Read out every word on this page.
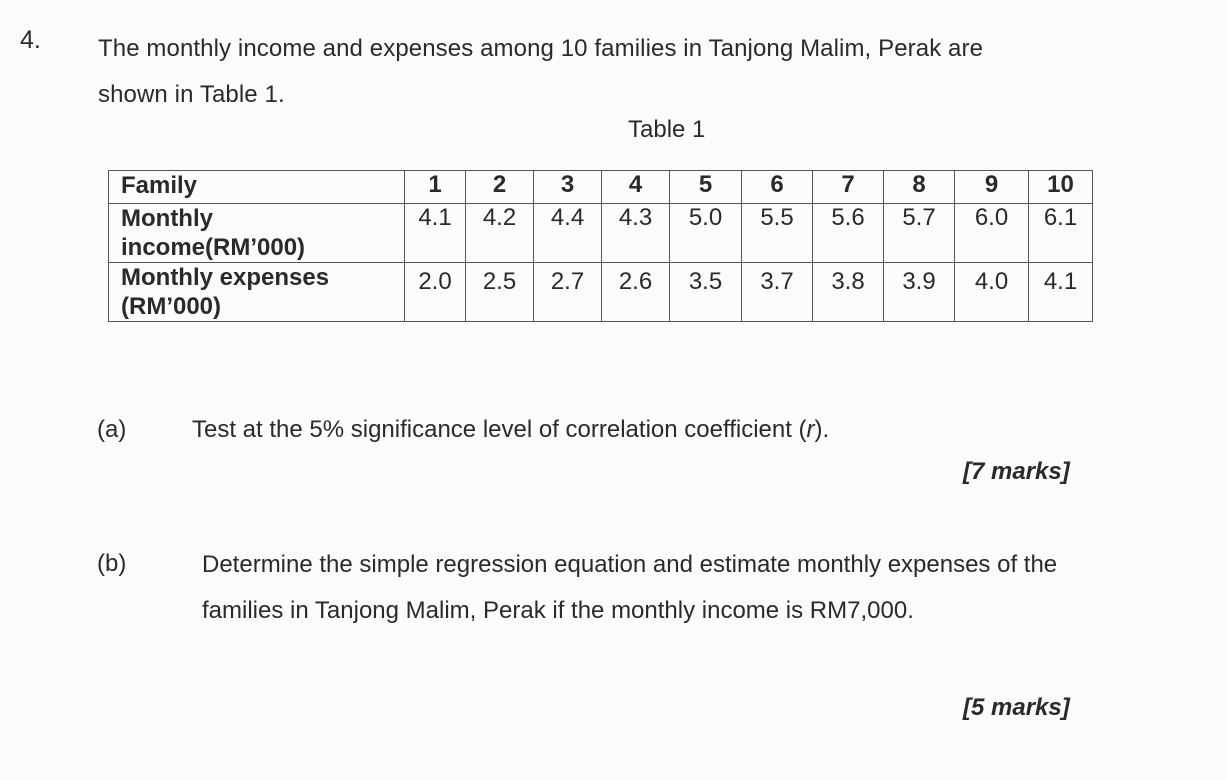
4. The monthly income and expenses among 10 families in Tanjong Malim, Perak are
shown in Table 1.
Table 1
Family	1	2	3	4	5	6	7	8	9	10

Monthly
income(RM’000)	4.1	4.2	4.4	4.3	5.0	5.5	5.6	5.7	6.0	6.1

Monthly expenses
(RM’000)	2.0	2.5	2.7	2.6	3.5	3.7	3.8	3.9	4.0	4.1
(a)	Test at the 5% significance level of correlation coefficient (r).
[7 marks]
(b)	Determine the simple regression equation and estimate monthly expenses of the families in Tanjong Malim, Perak if the monthly income is RM7,000.
[5 marks]
